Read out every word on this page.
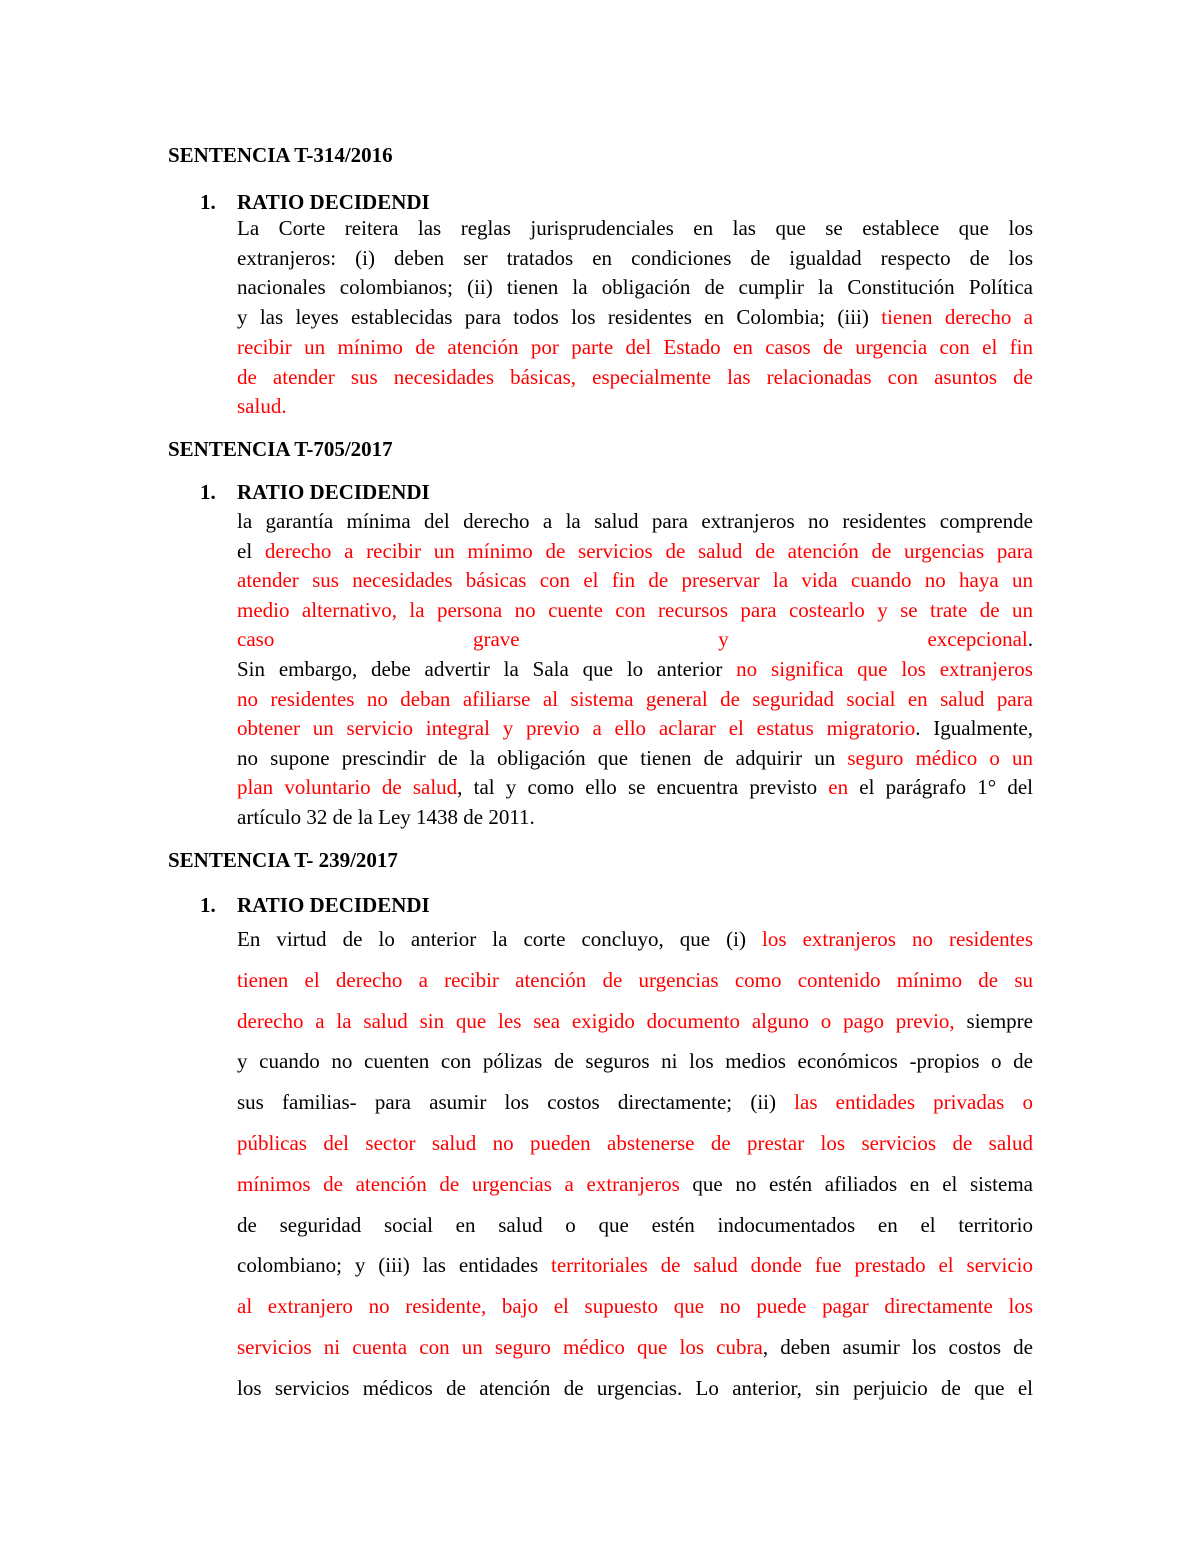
SENTENCIA T-314/2016
1. RATIO DECIDENDI
La Corte reitera las reglas jurisprudenciales en las que se establece que los
extranjeros: (i) deben ser tratados en condiciones de igualdad respecto de los
nacionales colombianos; (ii) tienen la obligación de cumplir la Constitución Política
y las leyes establecidas para todos los residentes en Colombia; (iii) tienen derecho a
recibir un mínimo de atención por parte del Estado en casos de urgencia con el fin
de atender sus necesidades básicas, especialmente las relacionadas con asuntos de
salud.
SENTENCIA T-705/2017
1. RATIO DECIDENDI
la garantía mínima del derecho a la salud para extranjeros no residentes comprende
el derecho a recibir un mínimo de servicios de salud de atención de urgencias para
atender sus necesidades básicas con el fin de preservar la vida cuando no haya un
medio alternativo, la persona no cuente con recursos para costearlo y se trate de un
caso grave y excepcional.
Sin embargo, debe advertir la Sala que lo anterior no significa que los extranjeros
no residentes no deban afiliarse al sistema general de seguridad social en salud para
obtener un servicio integral y previo a ello aclarar el estatus migratorio. Igualmente,
no supone prescindir de la obligación que tienen de adquirir un seguro médico o un
plan voluntario de salud, tal y como ello se encuentra previsto en el parágrafo 1° del
artículo 32 de la Ley 1438 de 2011.
SENTENCIA T- 239/2017
1. RATIO DECIDENDI
En virtud de lo anterior la corte concluyo, que (i) los extranjeros no residentes
tienen el derecho a recibir atención de urgencias como contenido mínimo de su
derecho a la salud sin que les sea exigido documento alguno o pago previo, siempre
y cuando no cuenten con pólizas de seguros ni los medios económicos -propios o de
sus familias- para asumir los costos directamente; (ii) las entidades privadas o
públicas del sector salud no pueden abstenerse de prestar los servicios de salud
mínimos de atención de urgencias a extranjeros que no estén afiliados en el sistema
de seguridad social en salud o que estén indocumentados en el territorio
colombiano; y (iii) las entidades territoriales de salud donde fue prestado el servicio
al extranjero no residente, bajo el supuesto que no puede pagar directamente los
servicios ni cuenta con un seguro médico que los cubra, deben asumir los costos de
los servicios médicos de atención de urgencias. Lo anterior, sin perjuicio de que el
